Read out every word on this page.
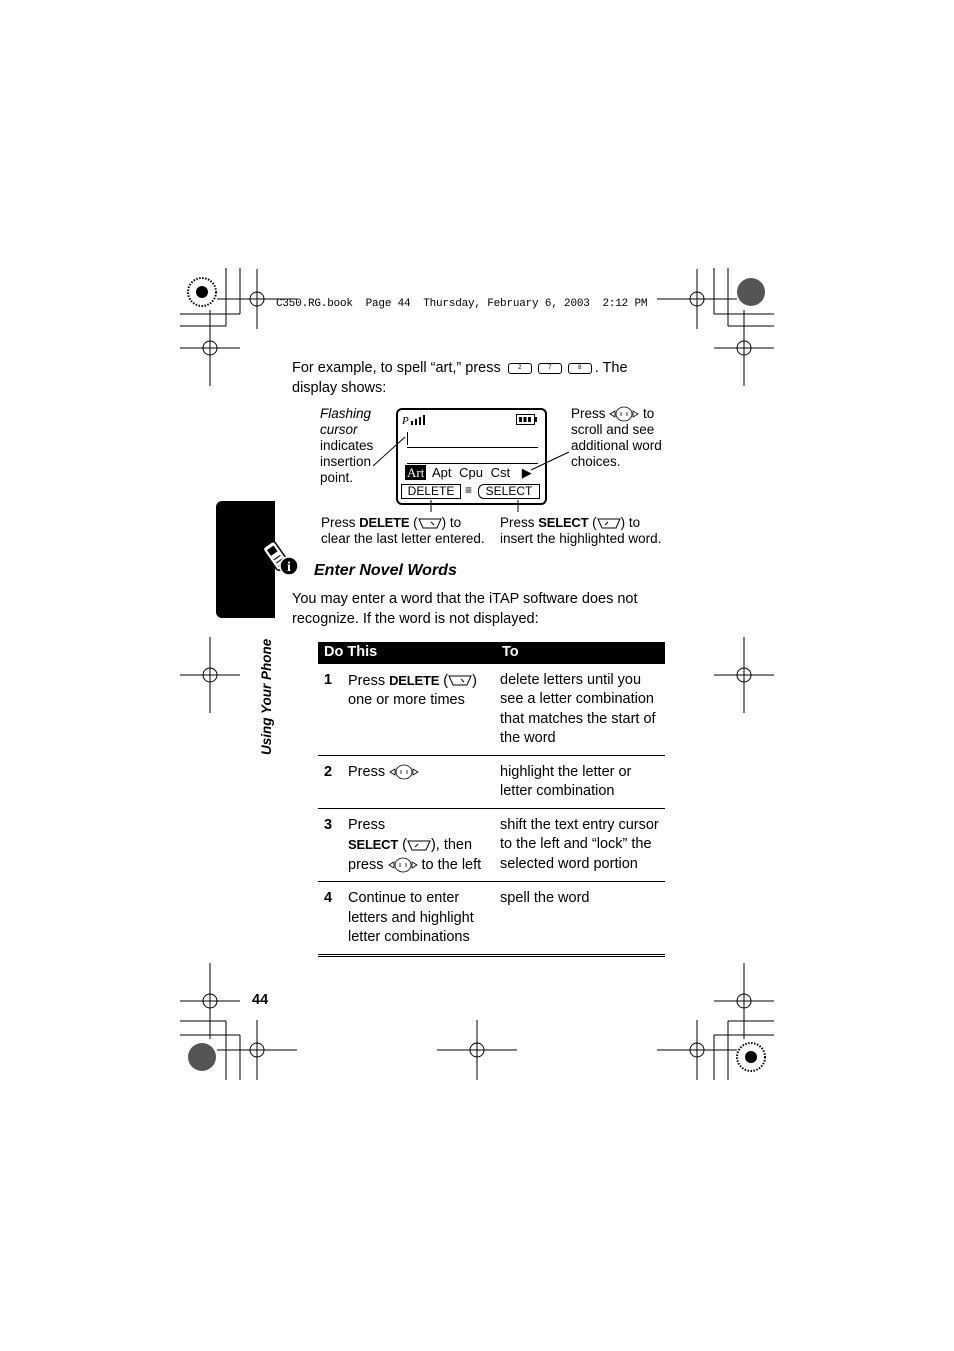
C350.RG.book  Page 44  Thursday, February 6, 2003  2:12 PM
For example, to spell “art,” press	2	7	8 . The
display shows:
Flashing
cursor
indicates
insertion
point.
P
Art Apt Cpu Cst ▶
DELETE ≡	SELECT
Press	to
scroll and see
additional word
choices.
Press DELETE ( ) to
clear the last letter entered.
Press SELECT ( ) to
insert the highlighted word.
i
Using Your Phone
Enter Novel Words
You may enter a word that the iTAP software does not
recognize. If the word is not displayed:
Do This		To
1	Press DELETE ( ) one or more times	delete letters until you see a letter combination that matches the start of the word
2	Press	highlight the letter or letter combination
3	Press
SELECT ( ), then
press to the left	shift the text entry cursor to the left and “lock” the selected word portion
4	Continue to enter letters and highlight letter combinations	spell the word
44
